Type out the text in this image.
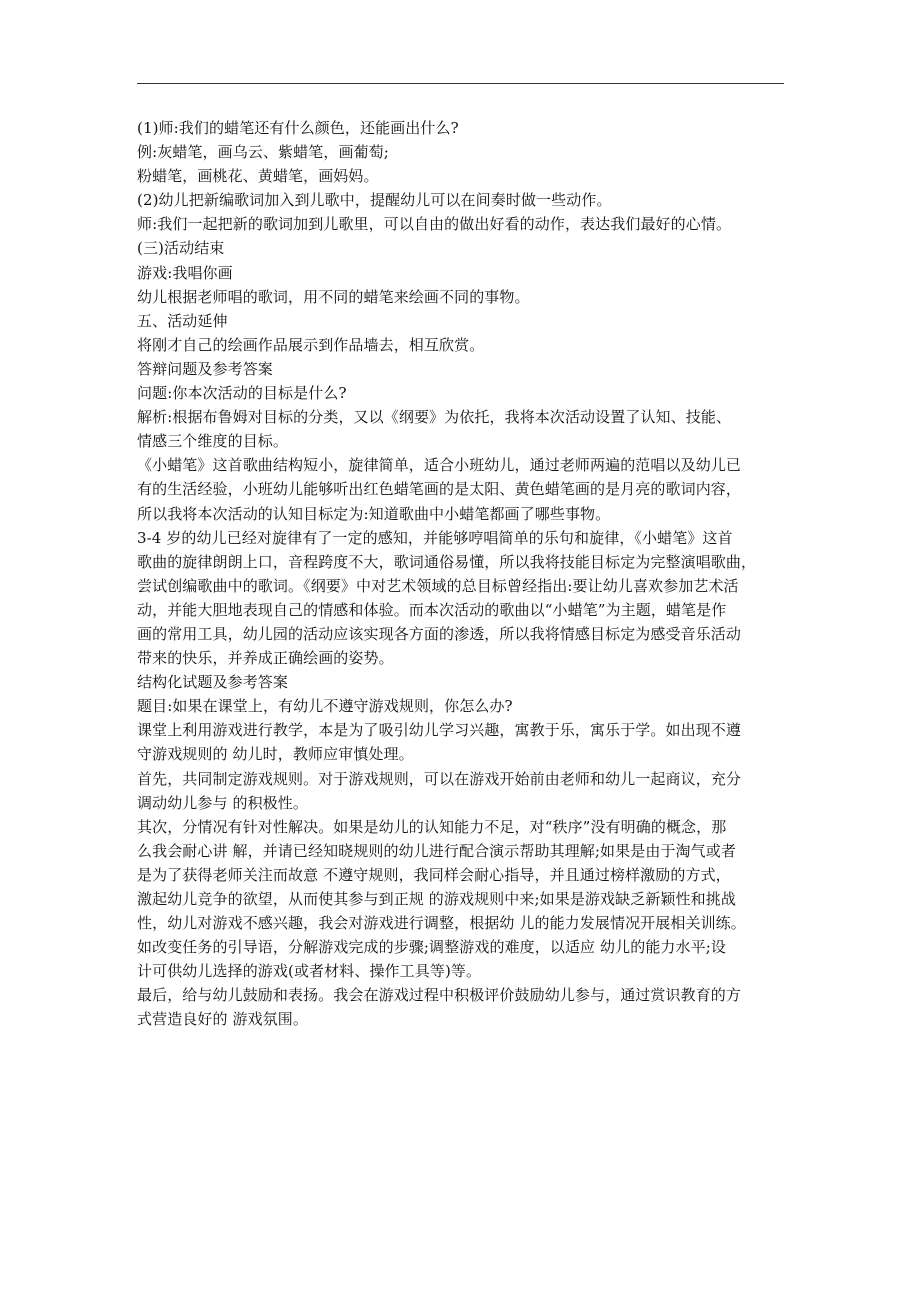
(1)师:我们的蜡笔还有什么颜色，还能画出什么?
例:灰蜡笔，画乌云、紫蜡笔，画葡萄;
粉蜡笔，画桃花、黄蜡笔，画妈妈。
(2)幼儿把新编歌词加入到儿歌中，提醒幼儿可以在间奏时做一些动作。
师:我们一起把新的歌词加到儿歌里，可以自由的做出好看的动作，表达我们最好的心情。
(三)活动结束
游戏:我唱你画
幼儿根据老师唱的歌词，用不同的蜡笔来绘画不同的事物。
五、活动延伸
将刚才自己的绘画作品展示到作品墙去，相互欣赏。
答辩问题及参考答案
问题:你本次活动的目标是什么?
解析:根据布鲁姆对目标的分类，又以《纲要》为依托，我将本次活动设置了认知、技能、
情感三个维度的目标。
《小蜡笔》这首歌曲结构短小，旋律简单，适合小班幼儿，通过老师两遍的范唱以及幼儿已
有的生活经验，小班幼儿能够听出红色蜡笔画的是太阳、黄色蜡笔画的是月亮的歌词内容，
所以我将本次活动的认知目标定为:知道歌曲中小蜡笔都画了哪些事物。
3-4 岁的幼儿已经对旋律有了一定的感知，并能够哼唱简单的乐句和旋律，《小蜡笔》这首
歌曲的旋律朗朗上口，音程跨度不大，歌词通俗易懂，所以我将技能目标定为完整演唱歌曲，
尝试创编歌曲中的歌词。《纲要》中对艺术领域的总目标曾经指出:要让幼儿喜欢参加艺术活
动，并能大胆地表现自己的情感和体验。而本次活动的歌曲以“小蜡笔”为主题，蜡笔是作
画的常用工具，幼儿园的活动应该实现各方面的渗透，所以我将情感目标定为感受音乐活动
带来的快乐，并养成正确绘画的姿势。
结构化试题及参考答案
题目:如果在课堂上，有幼儿不遵守游戏规则，你怎么办?
课堂上利用游戏进行教学，本是为了吸引幼儿学习兴趣，寓教于乐，寓乐于学。如出现不遵
守游戏规则的 幼儿时，教师应审慎处理。
首先，共同制定游戏规则。对于游戏规则，可以在游戏开始前由老师和幼儿一起商议，充分
调动幼儿参与 的积极性。
其次，分情况有针对性解决。如果是幼儿的认知能力不足，对“秩序”没有明确的概念，那
么我会耐心讲 解，并请已经知晓规则的幼儿进行配合演示帮助其理解;如果是由于淘气或者
是为了获得老师关注而故意 不遵守规则，我同样会耐心指导，并且通过榜样激励的方式，
激起幼儿竞争的欲望，从而使其参与到正规 的游戏规则中来;如果是游戏缺乏新颖性和挑战
性，幼儿对游戏不感兴趣，我会对游戏进行调整，根据幼 儿的能力发展情况开展相关训练。
如改变任务的引导语，分解游戏完成的步骤;调整游戏的难度，以适应 幼儿的能力水平;设
计可供幼儿选择的游戏(或者材料、操作工具等)等。
最后，给与幼儿鼓励和表扬。我会在游戏过程中积极评价鼓励幼儿参与，通过赏识教育的方
式营造良好的 游戏氛围。
